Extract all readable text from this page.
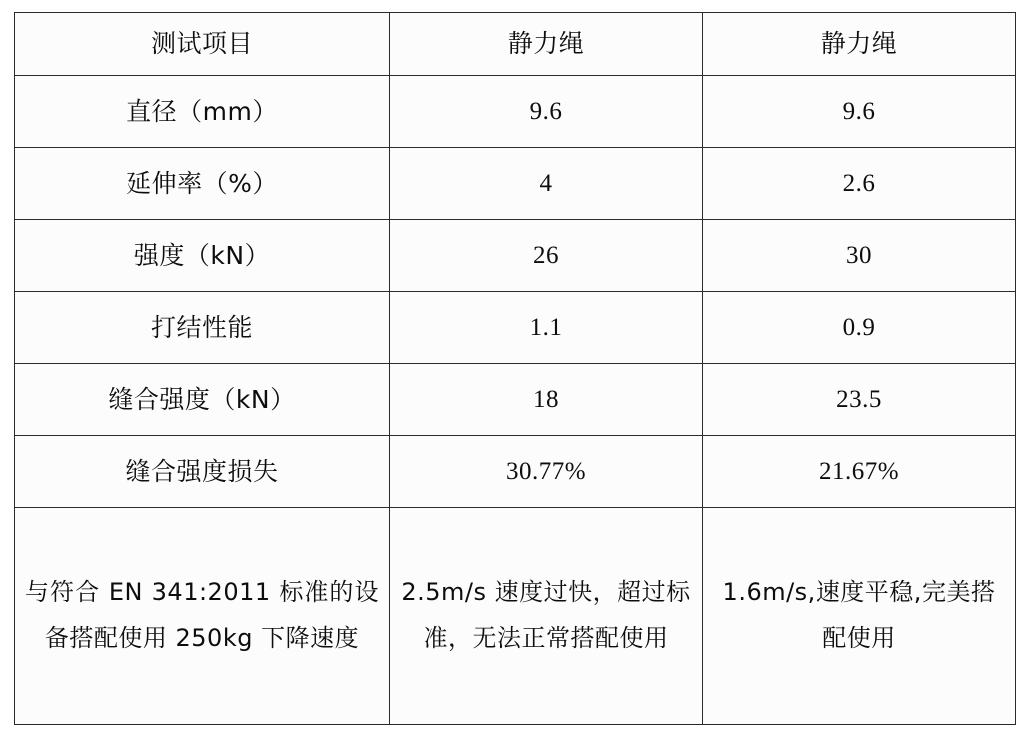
测试项目	静力绳	静力绳
直径（mm）	9.6	9.6
延伸率（%）	4	2.6
强度（kN）	26	30
打结性能	1.1	0.9
缝合强度（kN）	18	23.5
缝合强度损失	30.77%	21.67%
与符合 EN 341:2011 标准的设备搭配使用 250kg 下降速度	2.5m/s 速度过快，超过标准，无法正常搭配使用	1.6m/s,速度平稳,完美搭配使用
